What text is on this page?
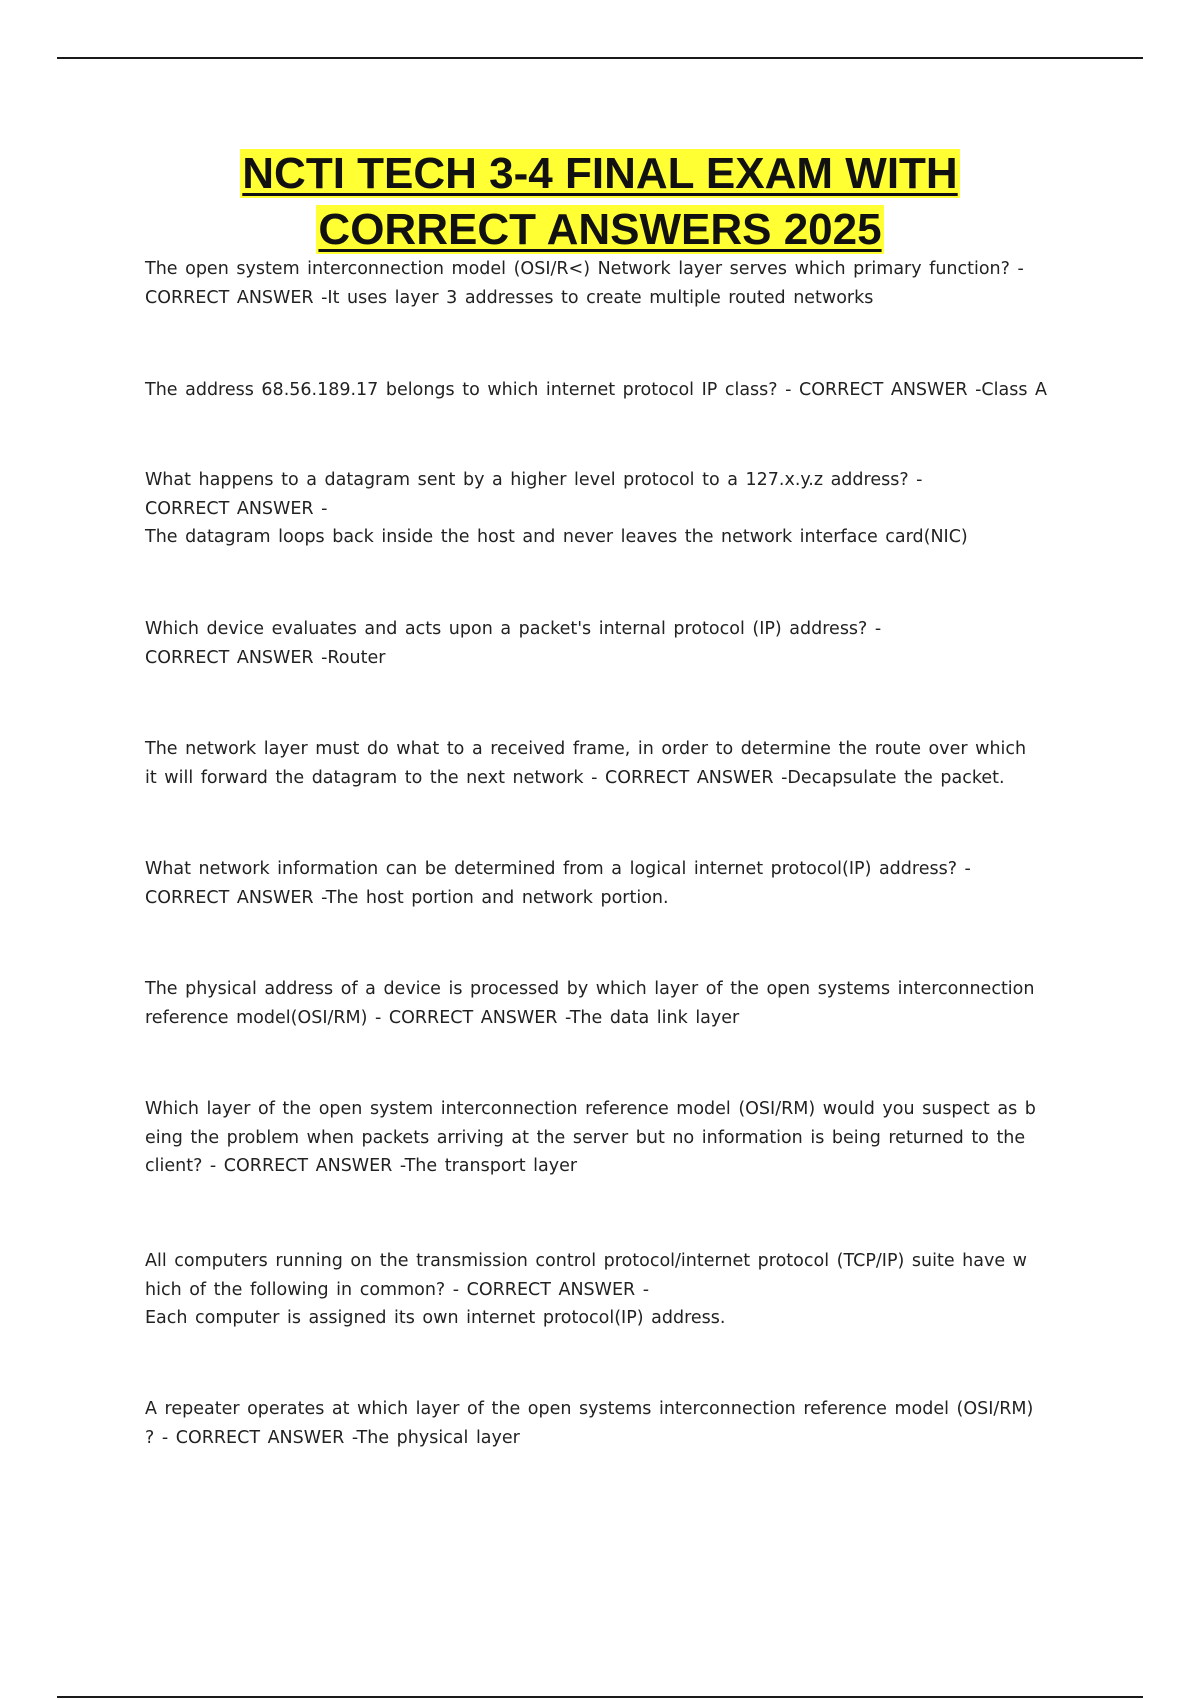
NCTI TECH 3-4 FINAL EXAM WITH
CORRECT ANSWERS 2025

The open system interconnection model (OSI/R<) Network layer serves which primary function? -
CORRECT ANSWER -It uses layer 3 addresses to create multiple routed networks

The address 68.56.189.17 belongs to which internet protocol IP class? - CORRECT ANSWER -Class A

What happens to a datagram sent by a higher level protocol to a 127.x.y.z address? -
CORRECT ANSWER -
The datagram loops back inside the host and never leaves the network interface card(NIC)

Which device evaluates and acts upon a packet's internal protocol (IP) address? -
CORRECT ANSWER -Router

The network layer must do what to a received frame, in order to determine the route over which
it will forward the datagram to the next network - CORRECT ANSWER -Decapsulate the packet.

What network information can be determined from a logical internet protocol(IP) address? -
CORRECT ANSWER -The host portion and network portion.

The physical address of a device is processed by which layer of the open systems interconnection
reference model(OSI/RM) - CORRECT ANSWER -The data link layer

Which layer of the open system interconnection reference model (OSI/RM) would you suspect as b
eing the problem when packets arriving at the server but no information is being returned to the
client? - CORRECT ANSWER -The transport layer

All computers running on the transmission control protocol/internet protocol (TCP/IP) suite have w
hich of the following in common? - CORRECT ANSWER -
Each computer is assigned its own internet protocol(IP) address.

A repeater operates at which layer of the open systems interconnection reference model (OSI/RM)
? - CORRECT ANSWER -The physical layer
